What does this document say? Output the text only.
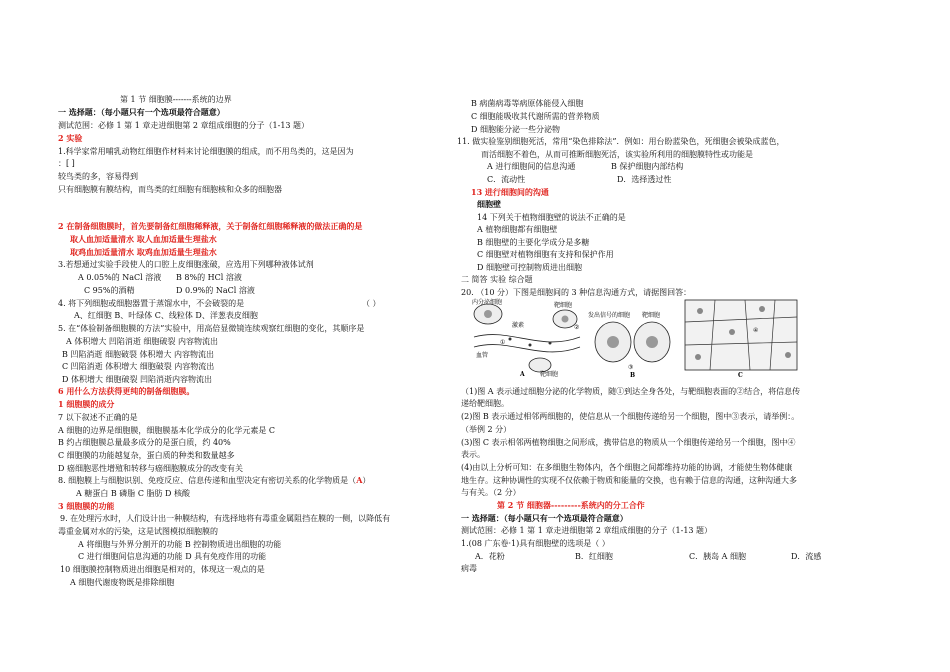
第 1 节 细胞膜-------系统的边界
一 选择题：（每小题只有一个选项最符合题意）
测试范围：必修 1 第 1 章走进细胞第 2 章组成细胞的分子（1-13 题）
2 实验
1.科学家常用哺乳动物红细胞作材料来讨论细胞膜的组成，而不用鸟类的，这是因为
：[ ]
较鸟类的多，容易得到
只有细胞膜有膜结构，而鸟类的红细胞有细胞核和众多的细胞器
2 在制备细胞膜时，首先要制备红细胞稀释液，关于制备红细胞稀释液的做法正确的是
取人血加适量清水 取人血加适量生理盐水
取鸡血加适量清水 取鸡血加适量生理盐水
3.若想通过实验手段使人的口腔上皮细胞涨破，应选用下列哪种液体试剂
A 0.05%的 NaCl 溶液 B 8%的 HCl 溶液
C 95%的酒精	D 0.9%的 NaCl 溶液
4. 将下列细胞或细胞器置于蒸馏水中，不会破裂的是	（ ）
A、红细胞 B、叶绿体 C、线粒体 D、洋葱表皮细胞
5. 在“体验制备细胞膜的方法”实验中，用高倍显微镜连续观察红细胞的变化，其顺序是
A 体积增大 凹陷消逝 细胞破裂 内容物流出
B 凹陷消逝 细胞破裂 体积增大 内容物流出
C 凹陷消逝 体积增大 细胞破裂 内容物流出
D 体积增大 细胞破裂 凹陷消逝内容物流出
6 用什么方法获得更纯的制备细胞膜。
1 细胞膜的成分
7 以下叙述不正确的是
A 细胞的边界是细胞膜，细胞膜基本化学成分的化学元素是 C
B 约占细胞膜总量最多成分的是蛋白质，约 40%
C 细胞膜的功能越复杂，蛋白质的种类和数量越多
D 癌细胞恶性增殖和转移与癌细胞膜成分的改变有关
8. 细胞膜上与细胞识别、免疫反应、信息传递和血型决定有密切关系的化学物质是（A）
A 糖蛋白 B 磷脂 C 脂肪 D 核酸
3 细胞膜的功能
9. 在处理污水时，人们设计出一种膜结构，有选择地将有毒重金属阻挡在膜的一侧，以降低有
毒重金属对水的污染，这是试图模拟细胞膜的
A 将细胞与外界分割开的功能 B 控制物质进出细胞的功能
C 进行细胞间信息沟通的功能 D 具有免疫作用的功能
10 细胞膜控制物质进出细胞是相对的，体现这一观点的是
A 细胞代谢废物既是排除细胞
B 病菌病毒等病原体能侵入细胞
C 细胞能吸收其代谢所需的营养物质
D 细胞能分泌一些分泌物
11. 做实验鉴别细胞死活，常用“染色排除法”．例如：用台盼蓝染色，死细胞会被染成蓝色，
而活细胞不着色，从而可推断细胞死活，该实验所利用的细胞膜特性或功能是
A 进行细胞间的信息沟通	B 保护细胞内部结构
C．流动性	D．选择透过性
13 进行细胞间的沟通
细胞壁
14 下列关于植物细胞壁的说法不正确的是
A 植物细胞都有细胞壁
B 细胞壁的主要化学成分是多糖
C 细胞壁对植物细胞有支持和保护作用
D 细胞壁可控制物质进出细胞
二 简答 实验 综合题
20. （10 分）下图是细胞间的 3 种信息沟通方式，请据图回答：
（1)图 A 表示通过细胞分泌的化学物质，随①到达全身各处，与靶细胞表面的②结合，将信息传
递给靶细胞。
(2)图 B 表示通过相邻两细胞的，使信息从一个细胞传递给另一个细胞，图中③表示，请举例：。
（举例 2 分）
(3)图 C 表示相邻两植物细胞之间形成，携带信息的物质从一个细胞传递给另一个细胞，图中④
表示。
(4)由以上分析可知：在多细胞生物体内，各个细胞之间都维持功能的协调，才能使生物体健康
地生存。这种协调性的实现不仅依赖于物质和能量的交换，也有赖于信息的沟通，这种沟通大多
与有关。（2 分）
第 2 节 细胞器---------系统内的分工合作
一 选择题：（每小题只有一个选项最符合题意）
测试范围：必修 1 第 1 章走进细胞第 2 章组成细胞的分子（1-13 题）
1.(08 广东卷·1)具有细胞壁的选项是（ ）
A．花粉	B．红细胞	C．胰岛 A 细胞	D．流感
病毒
内分泌细胞
激素
靶细胞
血管
靶细胞
①
②
A
发出信号的细胞 靶细胞
③
B
④
C
